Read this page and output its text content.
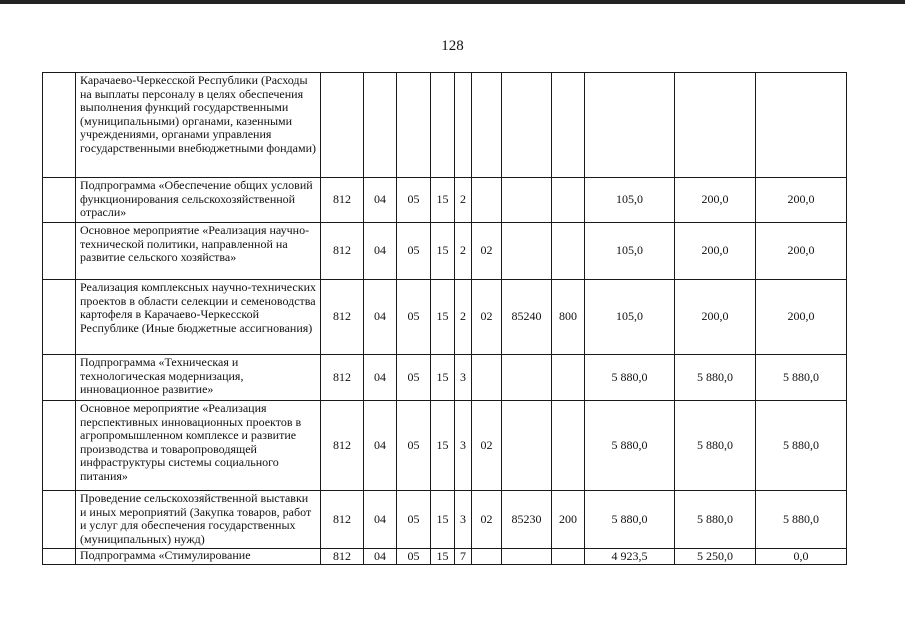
128
	Карачаево-Черкесской Республики (Расходы на выплаты персоналу в целях обеспечения выполнения функций государственными (муниципальными) органами, казенными учреждениями, органами управления государственными внебюджетными фондами)											
	Подпрограмма «Обеспечение общих условий функционирования сельскохозяйственной отрасли»	812	04	05	15	2				105,0	200,0	200,0
	Основное мероприятие «Реализация научно-технической политики, направленной на развитие сельского хозяйства»	812	04	05	15	2	02			105,0	200,0	200,0
	Реализация комплексных научно-технических проектов в области селекции и семеноводства картофеля в Карачаево-Черкесской Республике (Иные бюджетные ассигнования)	812	04	05	15	2	02	85240	800	105,0	200,0	200,0
	Подпрограмма «Техническая и технологическая модернизация, инновационное развитие»	812	04	05	15	3				5 880,0	5 880,0	5 880,0
	Основное мероприятие «Реализация перспективных инновационных проектов в агропромышленном комплексе и развитие производства и товаропроводящей инфраструктуры системы социального питания»	812	04	05	15	3	02			5 880,0	5 880,0	5 880,0
	Проведение сельскохозяйственной выставки и иных мероприятий (Закупка товаров, работ и услуг для обеспечения государственных (муниципальных) нужд)	812	04	05	15	3	02	85230	200	5 880,0	5 880,0	5 880,0
	Подпрограмма «Стимулирование	812	04	05	15	7				4 923,5	5 250,0	0,0
